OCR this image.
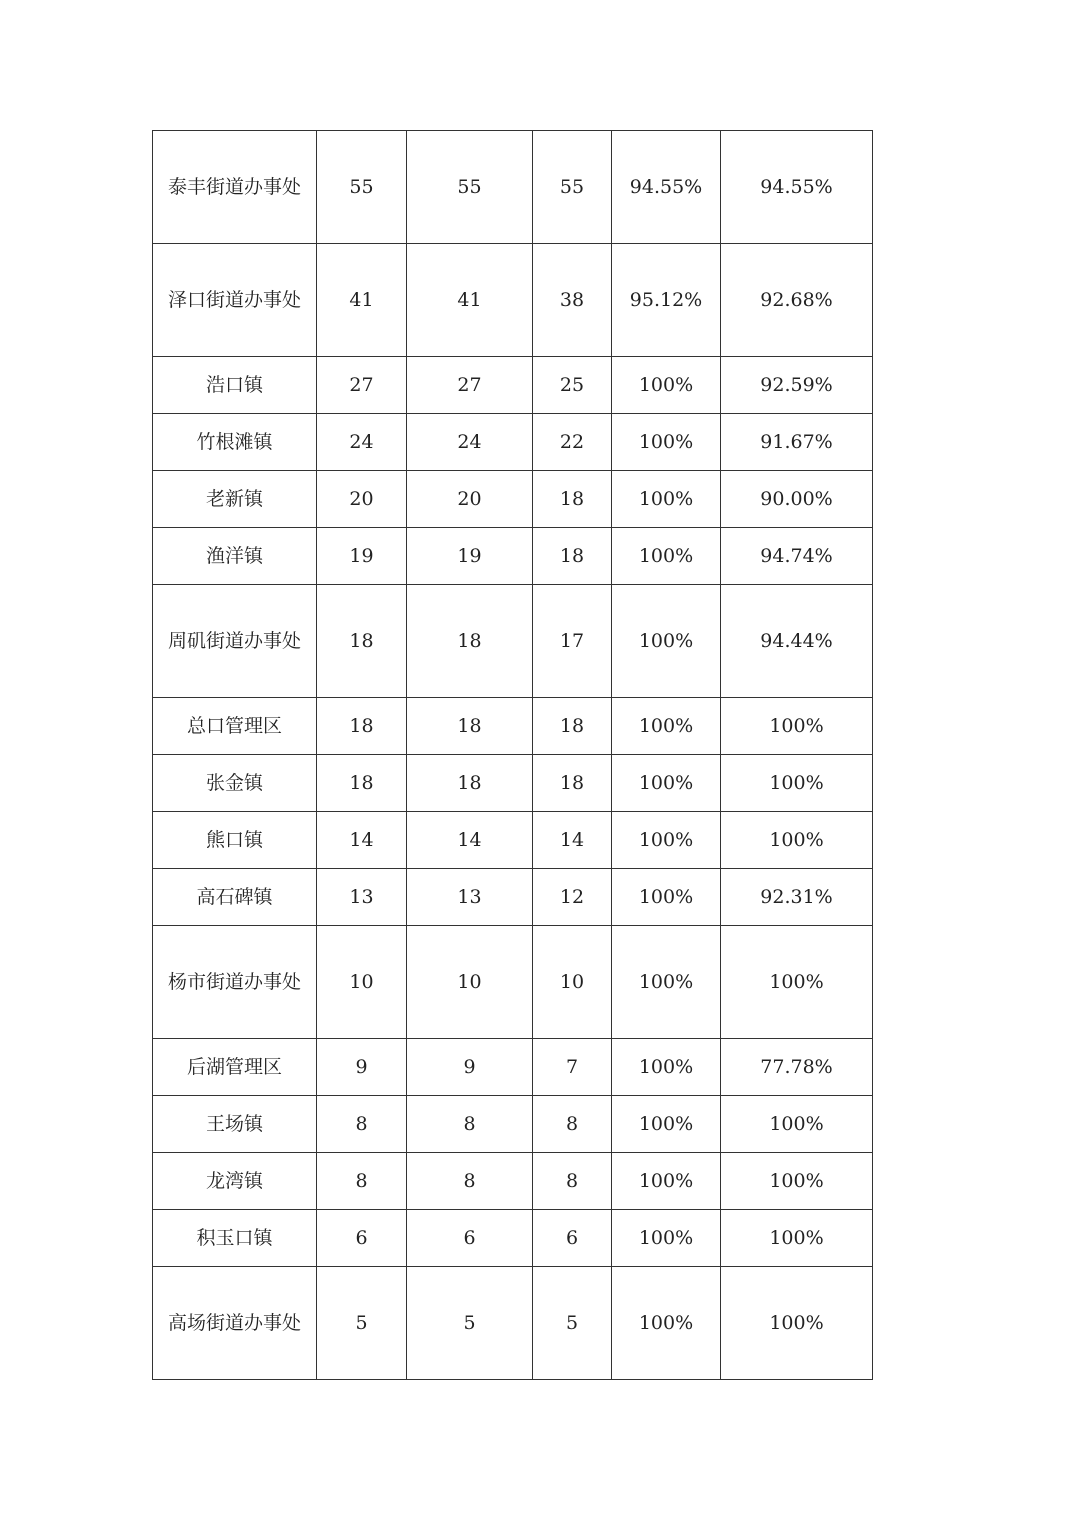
泰丰街道办事处	55	55	55	94.55%	94.55%
泽口街道办事处	41	41	38	95.12%	92.68%
浩口镇	27	27	25	100%	92.59%
竹根滩镇	24	24	22	100%	91.67%
老新镇	20	20	18	100%	90.00%
渔洋镇	19	19	18	100%	94.74%
周矶街道办事处	18	18	17	100%	94.44%
总口管理区	18	18	18	100%	100%
张金镇	18	18	18	100%	100%
熊口镇	14	14	14	100%	100%
高石碑镇	13	13	12	100%	92.31%
杨市街道办事处	10	10	10	100%	100%
后湖管理区	9	9	7	100%	77.78%
王场镇	8	8	8	100%	100%
龙湾镇	8	8	8	100%	100%
积玉口镇	6	6	6	100%	100%
高场街道办事处	5	5	5	100%	100%
